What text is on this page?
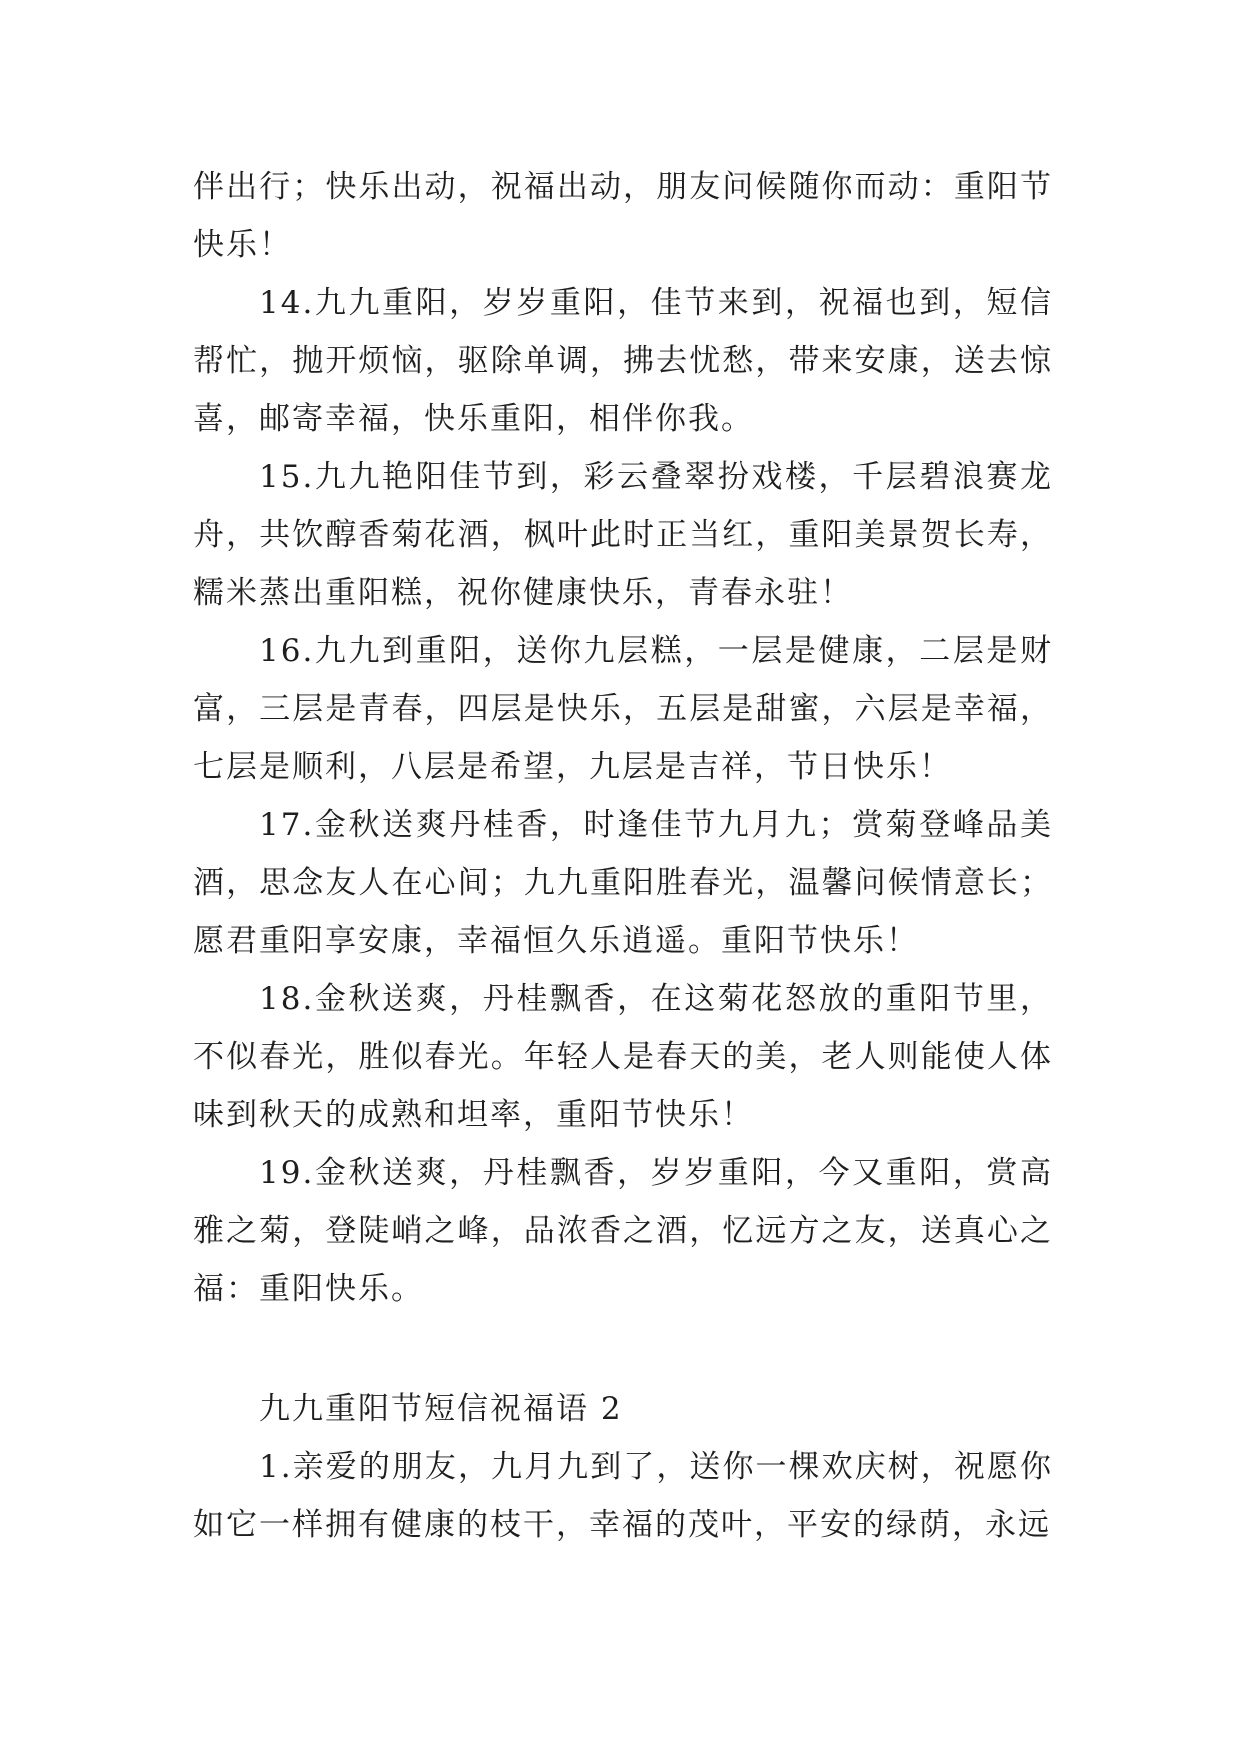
伴出行；快乐出动，祝福出动，朋友问候随你而动：重阳节快乐！

14.九九重阳，岁岁重阳，佳节来到，祝福也到，短信帮忙，抛开烦恼，驱除单调，拂去忧愁，带来安康，送去惊喜，邮寄幸福，快乐重阳，相伴你我。

15.九九艳阳佳节到，彩云叠翠扮戏楼，千层碧浪赛龙舟，共饮醇香菊花酒，枫叶此时正当红，重阳美景贺长寿，糯米蒸出重阳糕，祝你健康快乐，青春永驻！

16.九九到重阳，送你九层糕，一层是健康，二层是财富，三层是青春，四层是快乐，五层是甜蜜，六层是幸福，七层是顺利，八层是希望，九层是吉祥，节日快乐！

17.金秋送爽丹桂香，时逢佳节九月九；赏菊登峰品美酒，思念友人在心间；九九重阳胜春光，温馨问候情意长；愿君重阳享安康，幸福恒久乐逍遥。重阳节快乐！

18.金秋送爽，丹桂飘香，在这菊花怒放的重阳节里，不似春光，胜似春光。年轻人是春天的美，老人则能使人体味到秋天的成熟和坦率，重阳节快乐！

19.金秋送爽，丹桂飘香，岁岁重阳，今又重阳，赏高雅之菊，登陡峭之峰，品浓香之酒，忆远方之友，送真心之福：重阳快乐。

九九重阳节短信祝福语 2

1.亲爱的朋友，九月九到了，送你一棵欢庆树，祝愿你如它一样拥有健康的枝干，幸福的茂叶，平安的绿荫，永远
